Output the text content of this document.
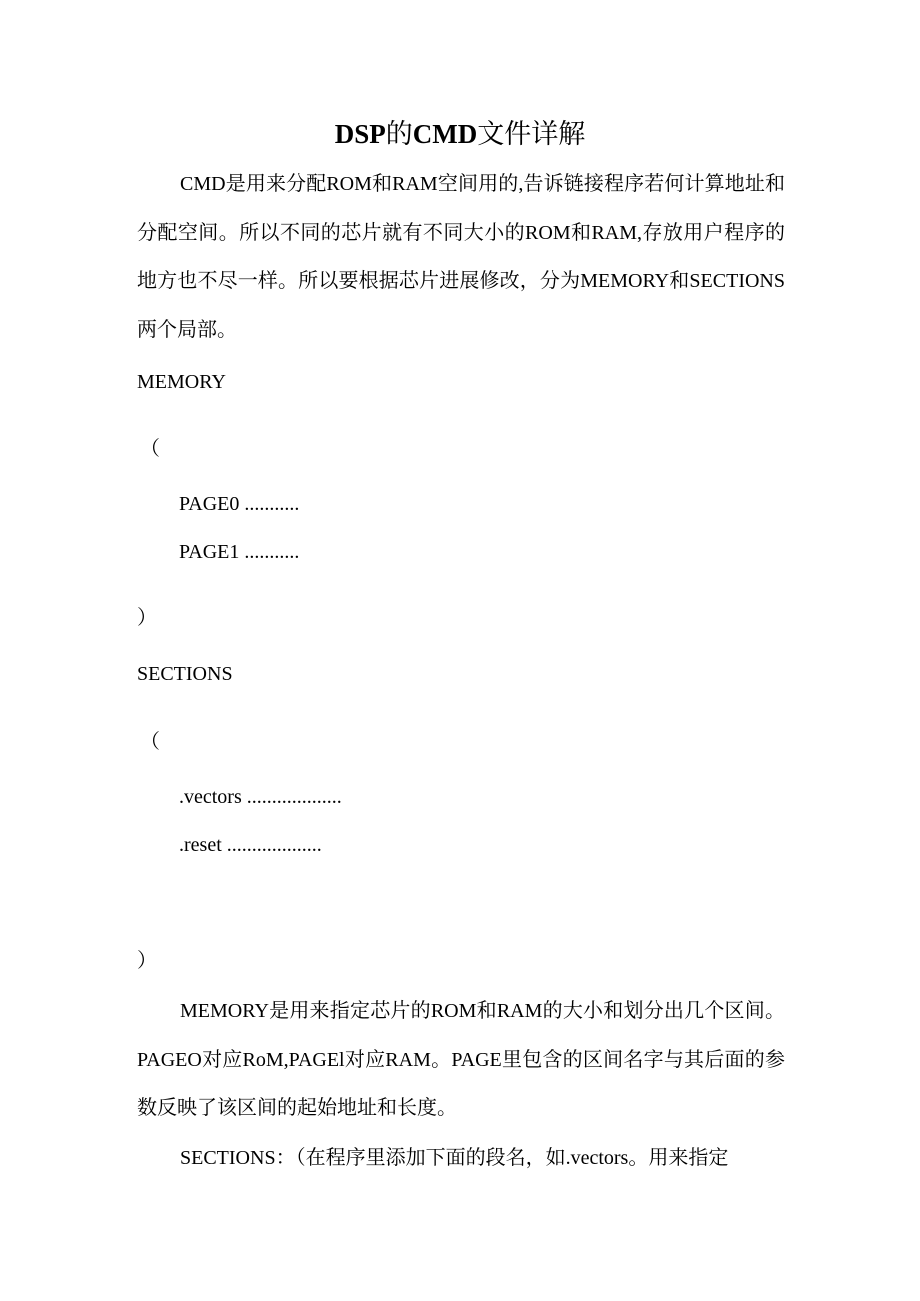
DSP的CMD文件详解

CMD是用来分配ROM和RAM空间用的,告诉链接程序若何计算地址和分配空间。所以不同的芯片就有不同大小的ROM和RAM,存放用户程序的地方也不尽一样。所以要根据芯片进展修改，分为MEMORY和SECTIONS两个局部。

MEMORY
（
PAGE0 ...........
PAGE1 ...........
）
SECTIONS
（
.vectors ...................
.reset ...................
）

MEMORY是用来指定芯片的ROM和RAM的大小和划分出几个区间。PAGEO对应RoM,PAGEl对应RAM。PAGE里包含的区间名字与其后面的参数反映了该区间的起始地址和长度。

SECTIONS：（在程序里添加下面的段名，如.vectors。用来指定
